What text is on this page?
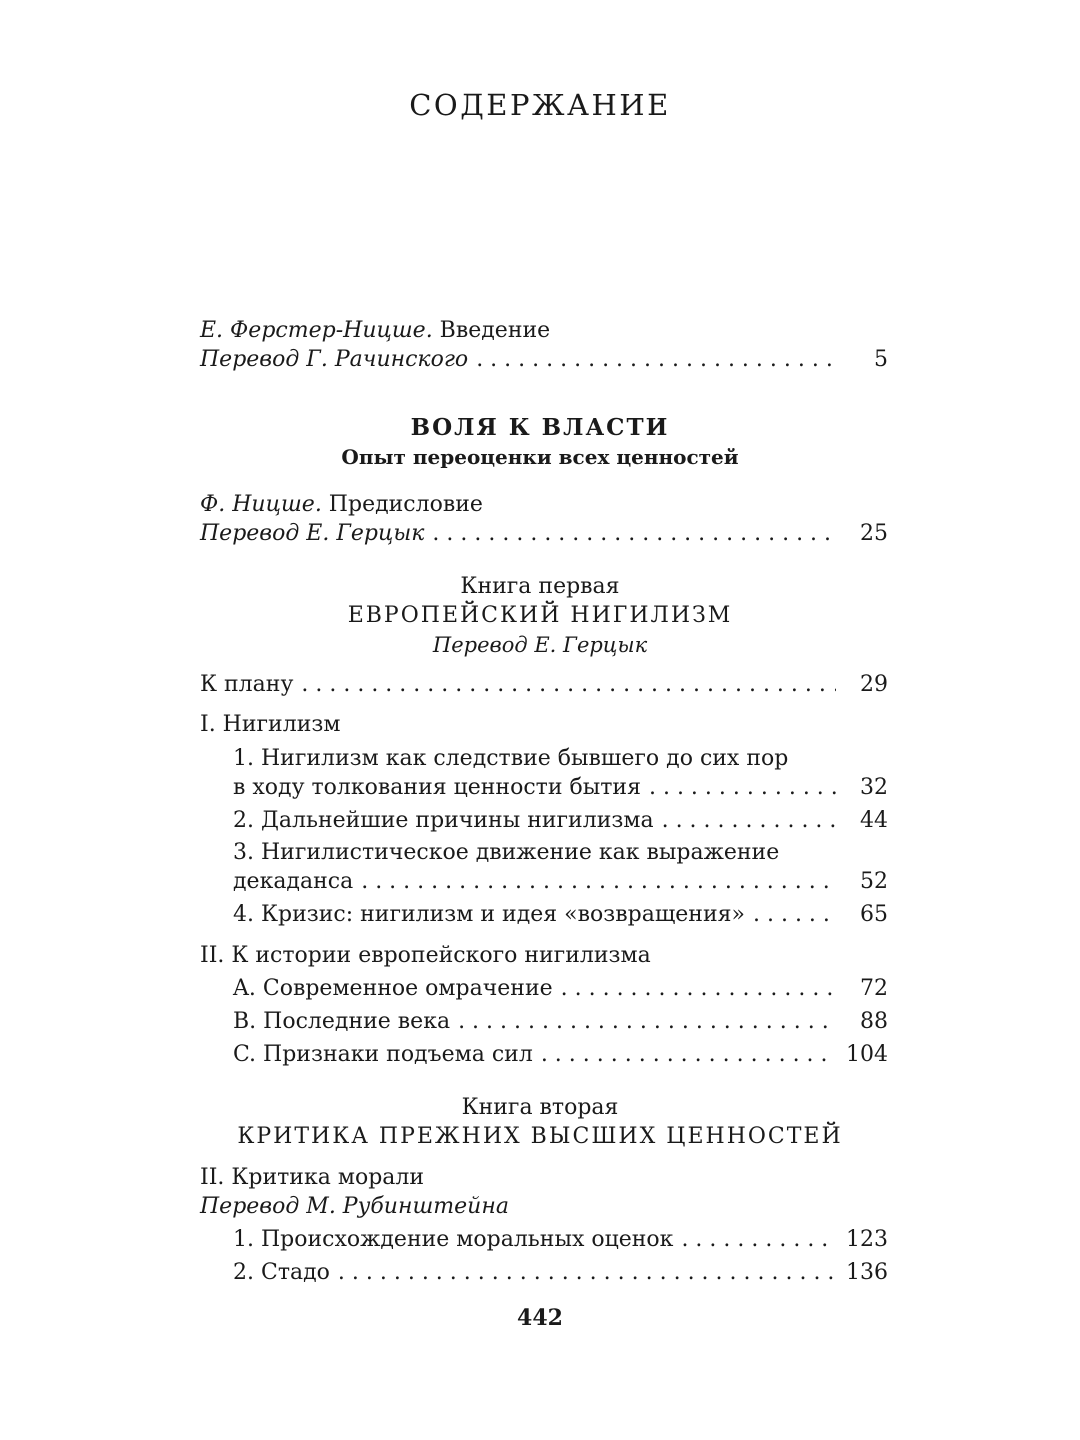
СОДЕРЖАНИЕ
Е. Ферстер-Ницше. Введение
Перевод Г. Рачинского . . .	5
ВОЛЯ К ВЛАСТИ
Опыт переоценки всех ценностей
Ф. Ницше. Предисловие
Перевод Е. Герцык . . .	25
Книга первая
ЕВРОПЕЙСКИЙ НИГИЛИЗМ
Перевод Е. Герцык
К плану . . .	29
I. Нигилизм
1. Нигилизм как следствие бывшего до сих пор
в ходу толкования ценности бытия . . .	32
2. Дальнейшие причины нигилизма . . .	44
3. Нигилистическое движение как выражение
декаданса . . .	52
4. Кризис: нигилизм и идея «возвращения» . . .	65
II. К истории европейского нигилизма
A. Современное омрачение . . .	72
B. Последние века . . .	88
C. Признаки подъема сил . . .	104
Книга вторая
КРИТИКА ПРЕЖНИХ ВЫСШИХ ЦЕННОСТЕЙ
II. Критика морали
Перевод М. Рубинштейна
1. Происхождение моральных оценок . . .	123
2. Стадо . . .	136
442
